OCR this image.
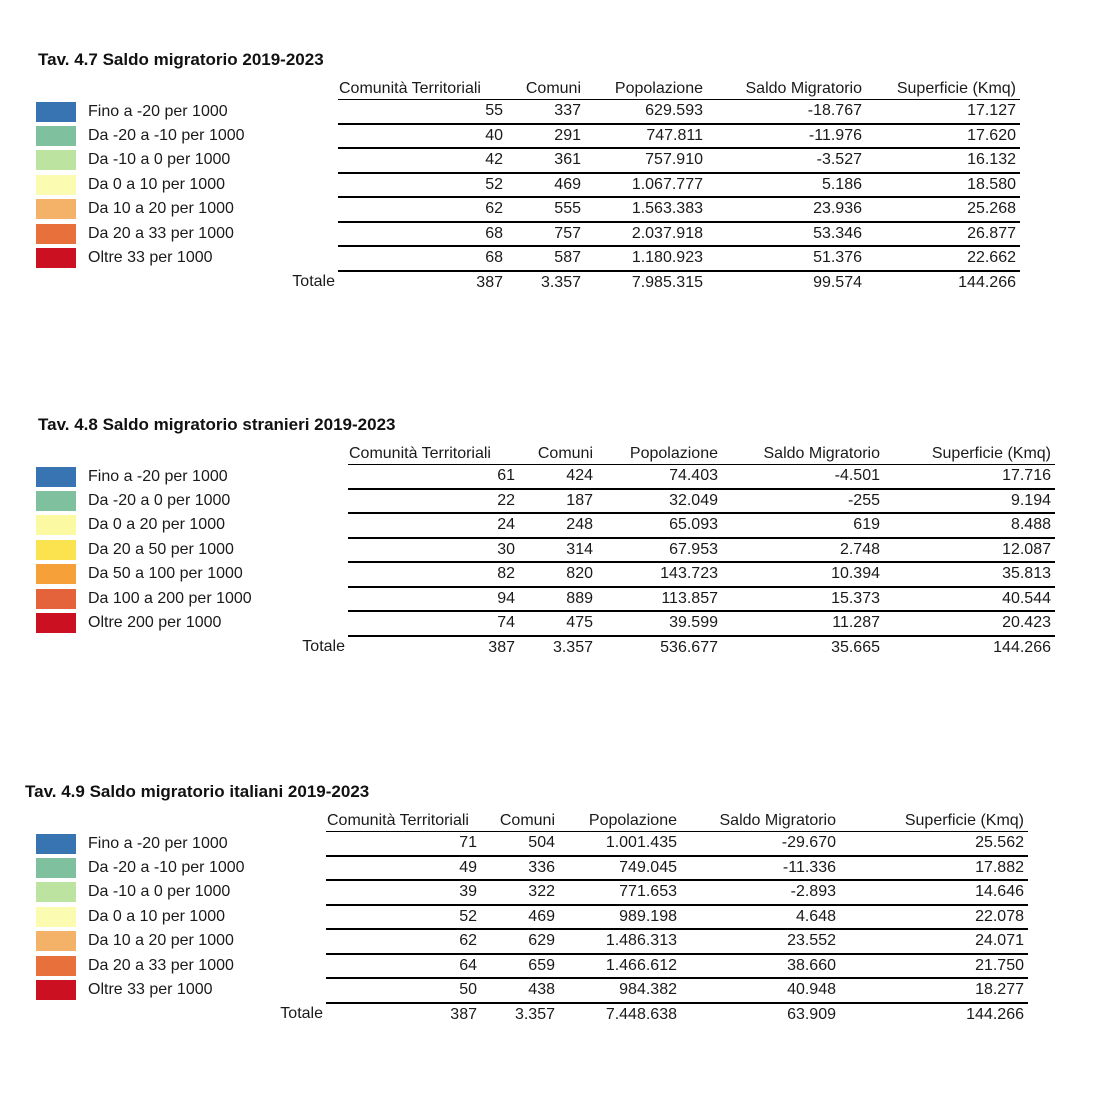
Tav. 4.7 Saldo migratorio 2019-2023
	Comunità Territoriali	Comuni	Popolazione	Saldo Migratorio	Superficie (Kmq)
Fino a -20 per 1000	55	337	629.593	-18.767	17.127
Da -20 a -10 per 1000	40	291	747.811	-11.976	17.620
Da -10 a 0 per 1000	42	361	757.910	-3.527	16.132
Da 0 a 10 per 1000	52	469	1.067.777	5.186	18.580
Da 10 a 20 per 1000	62	555	1.563.383	23.936	25.268
Da 20 a 33 per 1000	68	757	2.037.918	53.346	26.877
Oltre 33 per 1000	68	587	1.180.923	51.376	22.662
Totale	387	3.357	7.985.315	99.574	144.266
Tav. 4.8 Saldo migratorio stranieri 2019-2023
	Comunità Territoriali	Comuni	Popolazione	Saldo Migratorio	Superficie (Kmq)
Fino a -20 per 1000	61	424	74.403	-4.501	17.716
Da -20 a 0 per 1000	22	187	32.049	-255	9.194
Da 0 a 20 per 1000	24	248	65.093	619	8.488
Da 20 a 50 per 1000	30	314	67.953	2.748	12.087
Da 50 a 100 per 1000	82	820	143.723	10.394	35.813
Da 100 a 200 per 1000	94	889	113.857	15.373	40.544
Oltre 200 per 1000	74	475	39.599	11.287	20.423
Totale	387	3.357	536.677	35.665	144.266
Tav. 4.9 Saldo migratorio italiani 2019-2023
	Comunità Territoriali	Comuni	Popolazione	Saldo Migratorio	Superficie (Kmq)
Fino a -20 per 1000	71	504	1.001.435	-29.670	25.562
Da -20 a -10 per 1000	49	336	749.045	-11.336	17.882
Da -10 a 0 per 1000	39	322	771.653	-2.893	14.646
Da 0 a 10 per 1000	52	469	989.198	4.648	22.078
Da 10 a 20 per 1000	62	629	1.486.313	23.552	24.071
Da 20 a 33 per 1000	64	659	1.466.612	38.660	21.750
Oltre 33 per 1000	50	438	984.382	40.948	18.277
Totale	387	3.357	7.448.638	63.909	144.266
